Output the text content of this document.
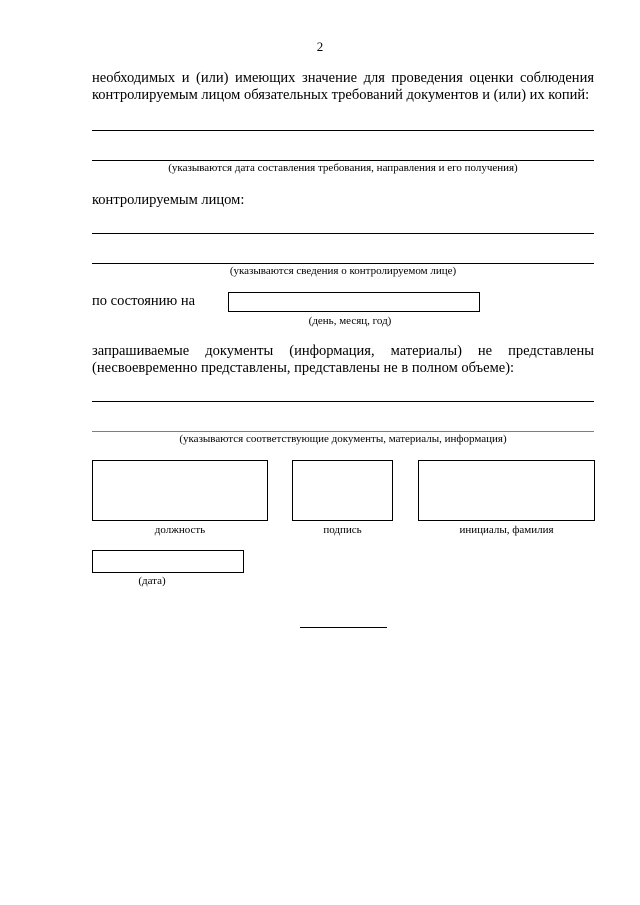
2
необходимых и (или) имеющих значение для проведения оценки соблюдения
контролируемым лицом обязательных требований документов и (или) их копий:
(указываются дата составления требования, направления и его получения)
контролируемым лицом:
(указываются сведения о контролируемом лице)
по состоянию на
(день, месяц, год)
запрашиваемые документы (информация, материалы) не представлены
(несвоевременно представлены, представлены не в полном объеме):
(указываются соответствующие документы, материалы, информация)
должность	подпись	инициалы, фамилия
(дата)
